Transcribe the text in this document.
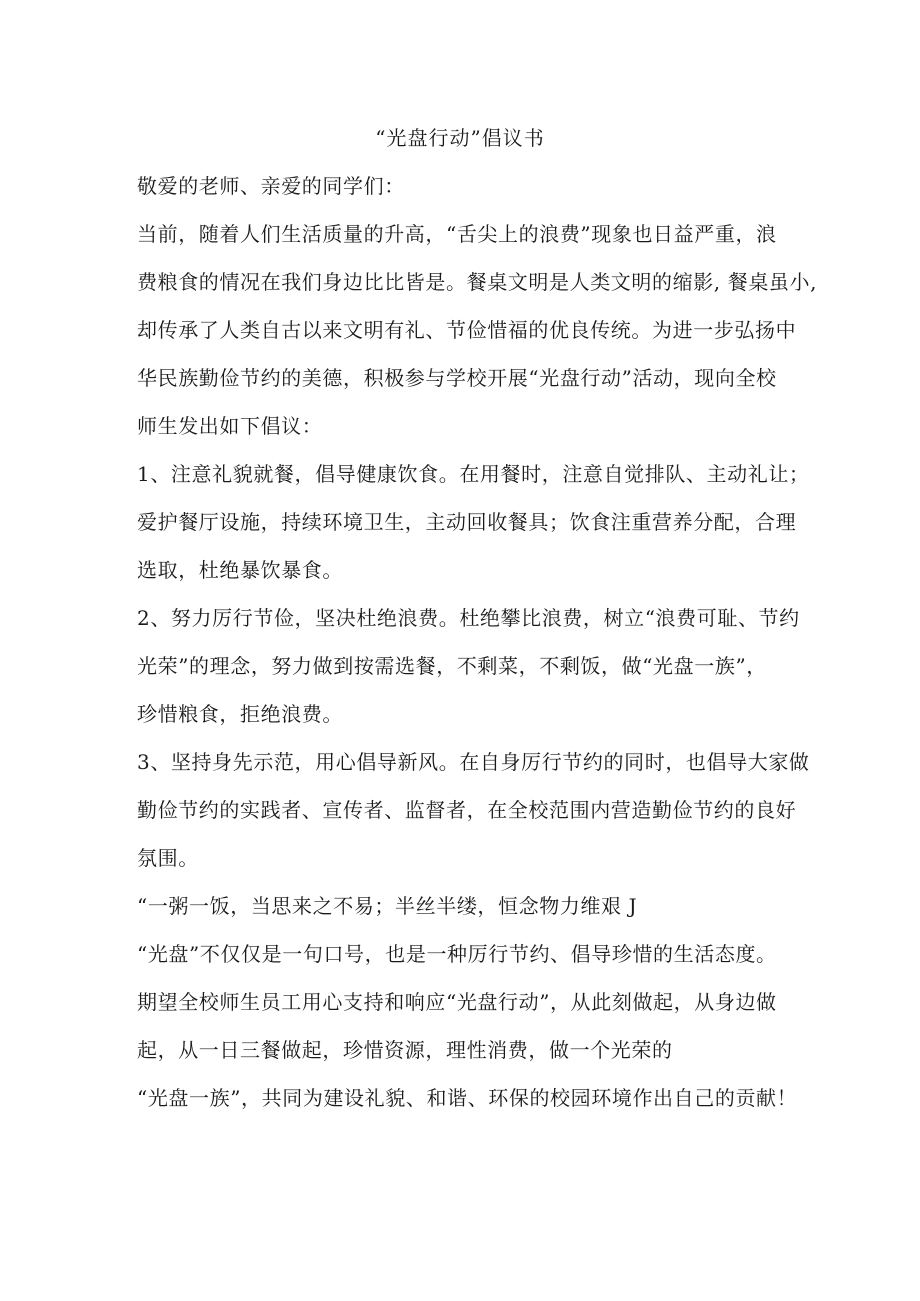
“光盘行动”倡议书
敬爱的老师、亲爱的同学们：
当前，随着人们生活质量的升高，“舌尖上的浪费”现象也日益严重，浪
费粮食的情况在我们身边比比皆是。餐桌文明是人类文明的缩影, 餐桌虽小,
却传承了人类自古以来文明有礼、节俭惜福的优良传统。为进一步弘扬中
华民族勤俭节约的美德，积极参与学校开展“光盘行动”活动，现向全校
师生发出如下倡议：
1、注意礼貌就餐，倡导健康饮食。在用餐时，注意自觉排队、主动礼让；
爱护餐厅设施，持续环境卫生，主动回收餐具；饮食注重营养分配，合理
选取，杜绝暴饮暴食。
2、努力厉行节俭，坚决杜绝浪费。杜绝攀比浪费，树立“浪费可耻、节约
光荣”的理念，努力做到按需选餐，不剩菜，不剩饭，做“光盘一族”，
珍惜粮食，拒绝浪费。
3、坚持身先示范，用心倡导新风。在自身厉行节约的同时，也倡导大家做
勤俭节约的实践者、宣传者、监督者，在全校范围内营造勤俭节约的良好
氛围。
“一粥一饭，当思来之不易；半丝半缕，恒念物力维艰 J
“光盘”不仅仅是一句口号，也是一种厉行节约、倡导珍惜的生活态度。
期望全校师生员工用心支持和响应“光盘行动”，从此刻做起，从身边做
起，从一日三餐做起，珍惜资源，理性消费，做一个光荣的
“光盘一族”，共同为建设礼貌、和谐、环保的校园环境作出自己的贡献！
